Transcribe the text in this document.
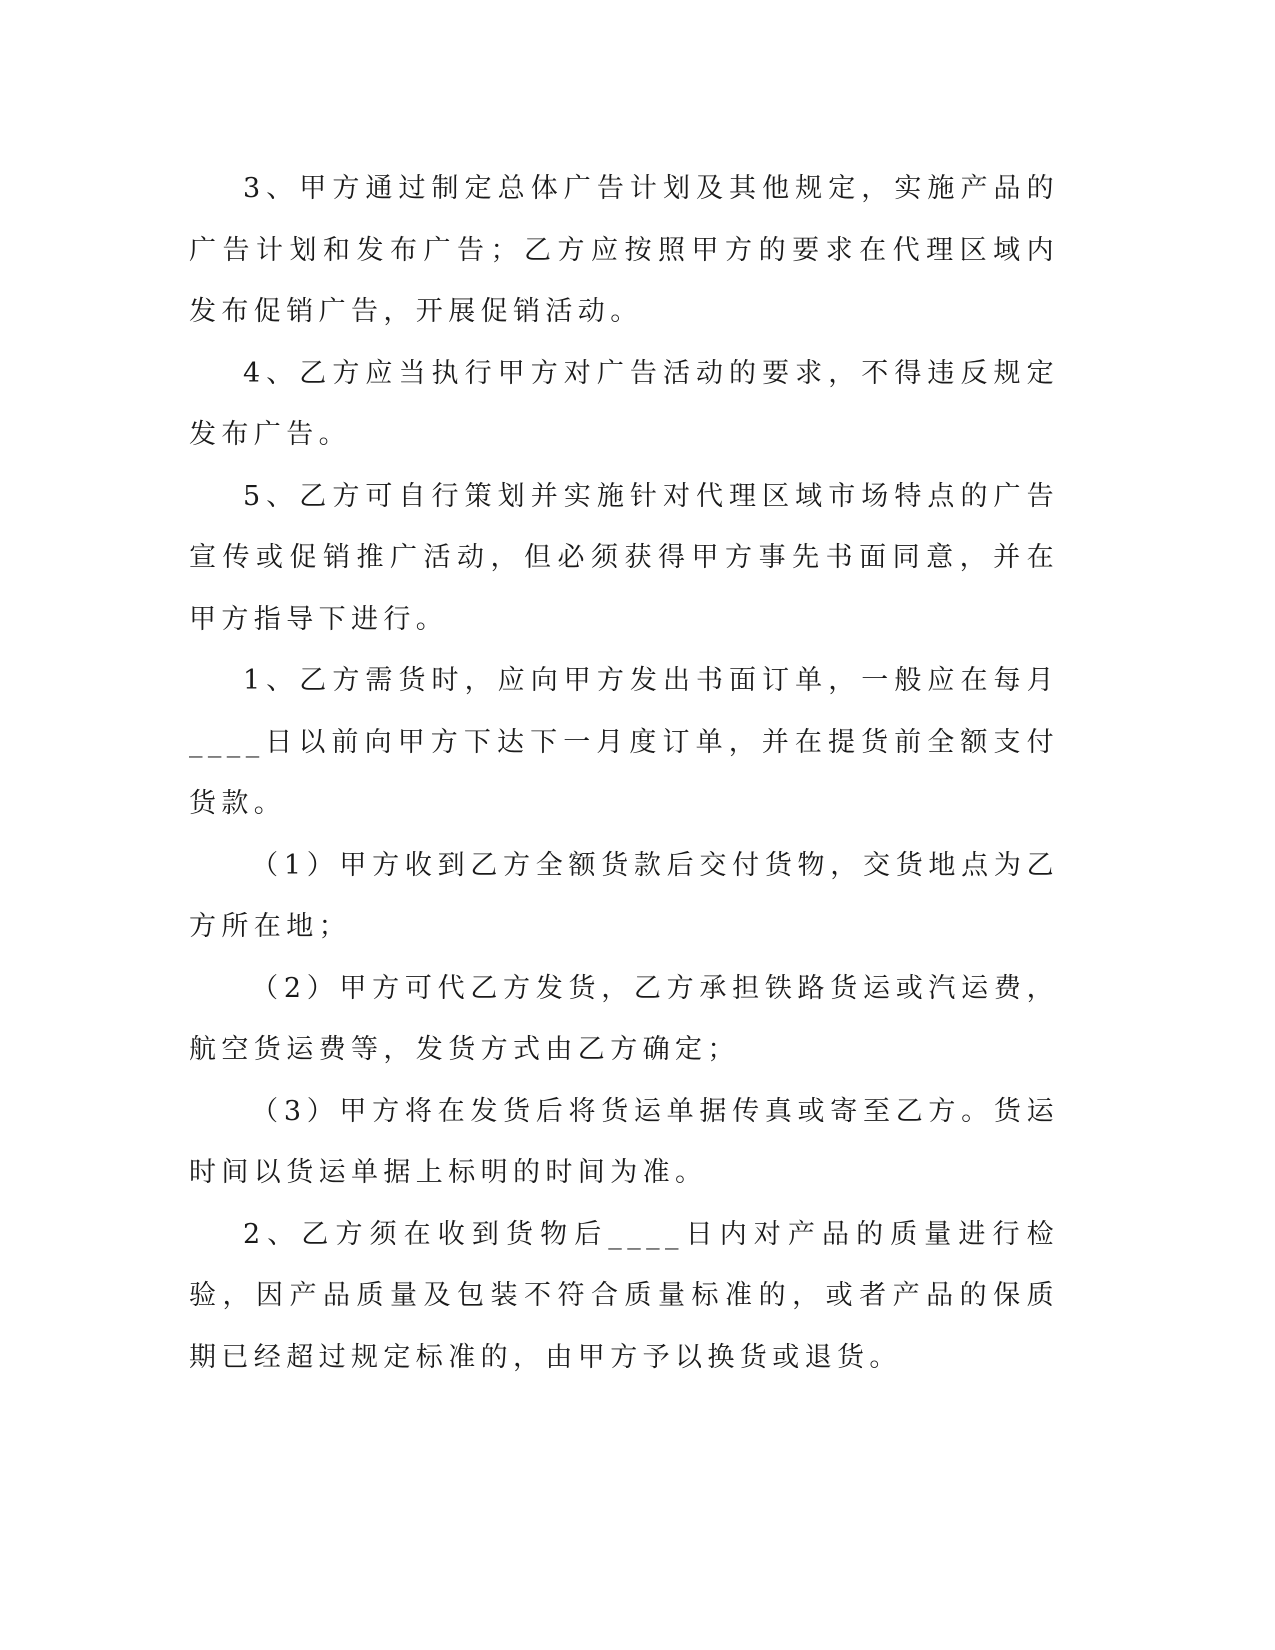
3、甲方通过制定总体广告计划及其他规定，实施产品的广告计划和发布广告；乙方应按照甲方的要求在代理区域内发布促销广告，开展促销活动。

4、乙方应当执行甲方对广告活动的要求，不得违反规定发布广告。

5、乙方可自行策划并实施针对代理区域市场特点的广告宣传或促销推广活动，但必须获得甲方事先书面同意，并在甲方指导下进行。

1、乙方需货时，应向甲方发出书面订单，一般应在每月____日以前向甲方下达下一月度订单，并在提货前全额支付货款。

（1）甲方收到乙方全额货款后交付货物，交货地点为乙方所在地；

（2）甲方可代乙方发货，乙方承担铁路货运或汽运费，航空货运费等，发货方式由乙方确定；

（3）甲方将在发货后将货运单据传真或寄至乙方。货运时间以货运单据上标明的时间为准。

2、乙方须在收到货物后____日内对产品的质量进行检验，因产品质量及包装不符合质量标准的，或者产品的保质期已经超过规定标准的，由甲方予以换货或退货。
